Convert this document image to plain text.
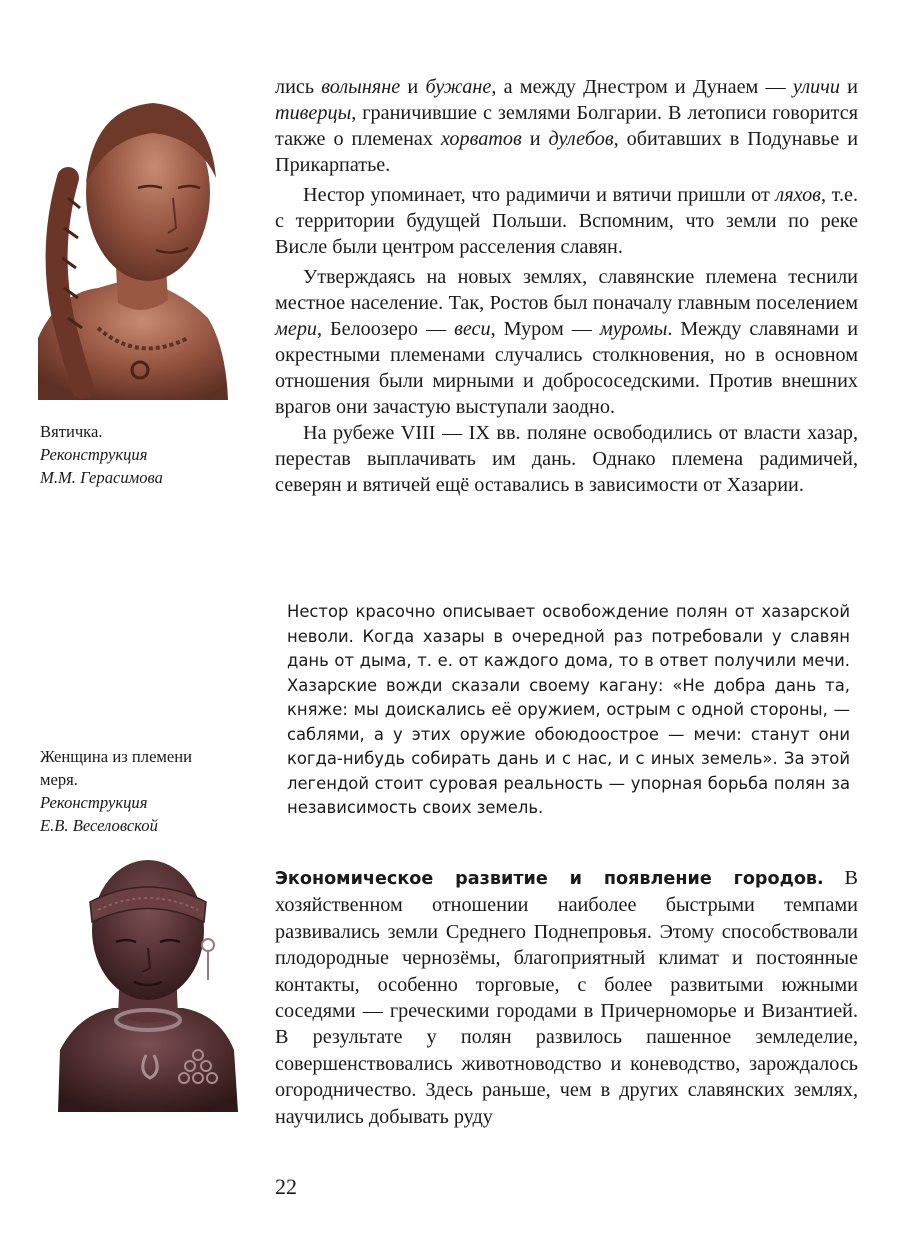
Вятичка.
Реконструкция
М.М. Герасимова
Женщина из племени
меря.
Реконструкция
Е.В. Веселовской

лись волыняне и бужане, а между Днестром и Дунаем — уличи и тиверцы, граничившие с землями Болгарии. В летописи говорится также о племенах хорватов и дулебов, обитавших в Подунавье и Прикарпатье.

Нестор упоминает, что радимичи и вятичи пришли от ляхов, т.е. с территории будущей Польши. Вспомним, что земли по реке Висле были центром расселения славян.

Утверждаясь на новых землях, славянские племена теснили местное население. Так, Ростов был поначалу главным поселением мери, Белоозеро — веси, Муром — муромы. Между славянами и окрестными племенами случались столкновения, но в основном отношения были мирными и добрососедскими. Против внешних врагов они зачастую выступали заодно.

На рубеже VIII — IX вв. поляне освободились от власти хазар, перестав выплачивать им дань. Однако племена радимичей, северян и вятичей ещё оставались в зависимости от Хазарии.

Нестор красочно описывает освобождение полян от хазарской неволи. Когда хазары в очередной раз потребовали у славян дань от дыма, т. е. от каждого дома, то в ответ получили мечи. Хазарские вожди сказали своему кагану: «Не добра дань та, княже: мы доискались её оружием, острым с одной стороны, — саблями, а у этих оружие обоюдоострое — мечи: станут они когда-нибудь собирать дань и с нас, и с иных земель». За этой легендой стоит суровая реальность — упорная борьба полян за независимость своих земель.

Экономическое развитие и появление городов. В хозяйственном отношении наиболее быстрыми темпами развивались земли Среднего Поднепровья. Этому способствовали плодородные чернозёмы, благоприятный климат и постоянные контакты, особенно торговые, с более развитыми южными соседями — греческими городами в Причерноморье и Византией. В результате у полян развилось пашенное земледелие, совершенствовались животноводство и коневодство, зарождалось огородничество. Здесь раньше, чем в других славянских землях, научились добывать руду

22
